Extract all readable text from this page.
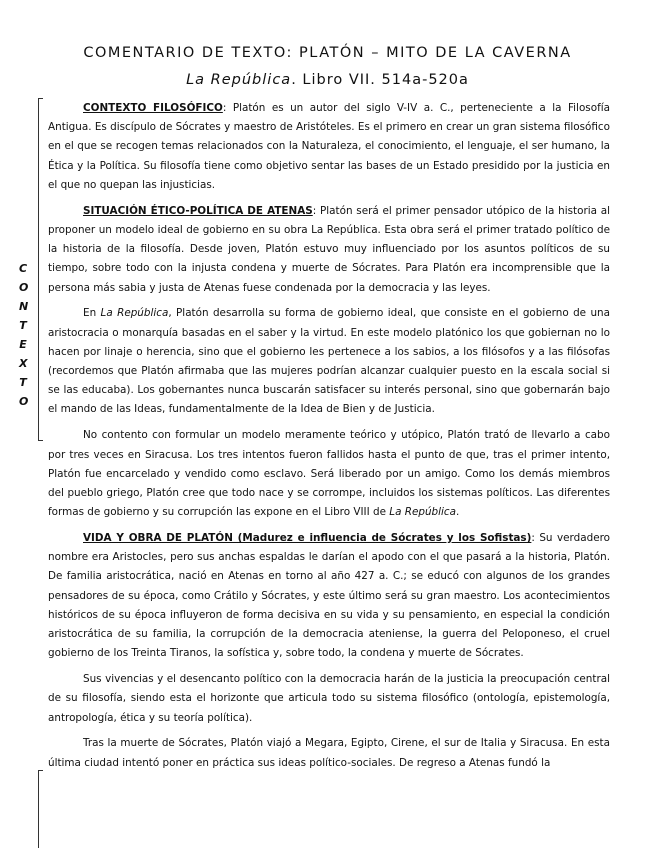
COMENTARIO DE TEXTO: PLATÓN – MITO DE LA CAVERNA
La República. Libro VII. 514a-520a
C
O
N
T
E
X
T
O

CONTEXTO FILOSÓFICO: Platón es un autor del siglo V-IV a. C., perteneciente a la Filosofía Antigua. Es discípulo de Sócrates y maestro de Aristóteles. Es el primero en crear un gran sistema filosófico en el que se recogen temas relacionados con la Naturaleza, el conocimiento, el lenguaje, el ser humano, la Ética y la Política. Su filosofía tiene como objetivo sentar las bases de un Estado presidido por la justicia en el que no quepan las injusticias.

SITUACIÓN ÉTICO-POLÍTICA DE ATENAS: Platón será el primer pensador utópico de la historia al proponer un modelo ideal de gobierno en su obra La República. Esta obra será el primer tratado político de la historia de la filosofía. Desde joven, Platón estuvo muy influenciado por los asuntos políticos de su tiempo, sobre todo con la injusta condena y muerte de Sócrates. Para Platón era incomprensible que la persona más sabia y justa de Atenas fuese condenada por la democracia y las leyes.

En La República, Platón desarrolla su forma de gobierno ideal, que consiste en el gobierno de una aristocracia o monarquía basadas en el saber y la virtud. En este modelo platónico los que gobiernan no lo hacen por linaje o herencia, sino que el gobierno les pertenece a los sabios, a los filósofos y a las filósofas (recordemos que Platón afirmaba que las mujeres podrían alcanzar cualquier puesto en la escala social si se las educaba). Los gobernantes nunca buscarán satisfacer su interés personal, sino que gobernarán bajo el mando de las Ideas, fundamentalmente de la Idea de Bien y de Justicia.

No contento con formular un modelo meramente teórico y utópico, Platón trató de llevarlo a cabo por tres veces en Siracusa. Los tres intentos fueron fallidos hasta el punto de que, tras el primer intento, Platón fue encarcelado y vendido como esclavo. Será liberado por un amigo. Como los demás miembros del pueblo griego, Platón cree que todo nace y se corrompe, incluidos los sistemas políticos. Las diferentes formas de gobierno y su corrupción las expone en el Libro VIII de La República.

VIDA Y OBRA DE PLATÓN (Madurez e influencia de Sócrates y los Sofistas): Su verdadero nombre era Aristocles, pero sus anchas espaldas le darían el apodo con el que pasará a la historia, Platón. De familia aristocrática, nació en Atenas en torno al año 427 a. C.; se educó con algunos de los grandes pensadores de su época, como Crátilo y Sócrates, y este último será su gran maestro. Los acontecimientos históricos de su época influyeron de forma decisiva en su vida y su pensamiento, en especial la condición aristocrática de su familia, la corrupción de la democracia ateniense, la guerra del Peloponeso, el cruel gobierno de los Treinta Tiranos, la sofística y, sobre todo, la condena y muerte de Sócrates.

Sus vivencias y el desencanto político con la democracia harán de la justicia la preocupación central de su filosofía, siendo esta el horizonte que articula todo su sistema filosófico (ontología, epistemología, antropología, ética y su teoría política).

Tras la muerte de Sócrates, Platón viajó a Megara, Egipto, Cirene, el sur de Italia y Siracusa. En esta última ciudad intentó poner en práctica sus ideas político-sociales. De regreso a Atenas fundó la
